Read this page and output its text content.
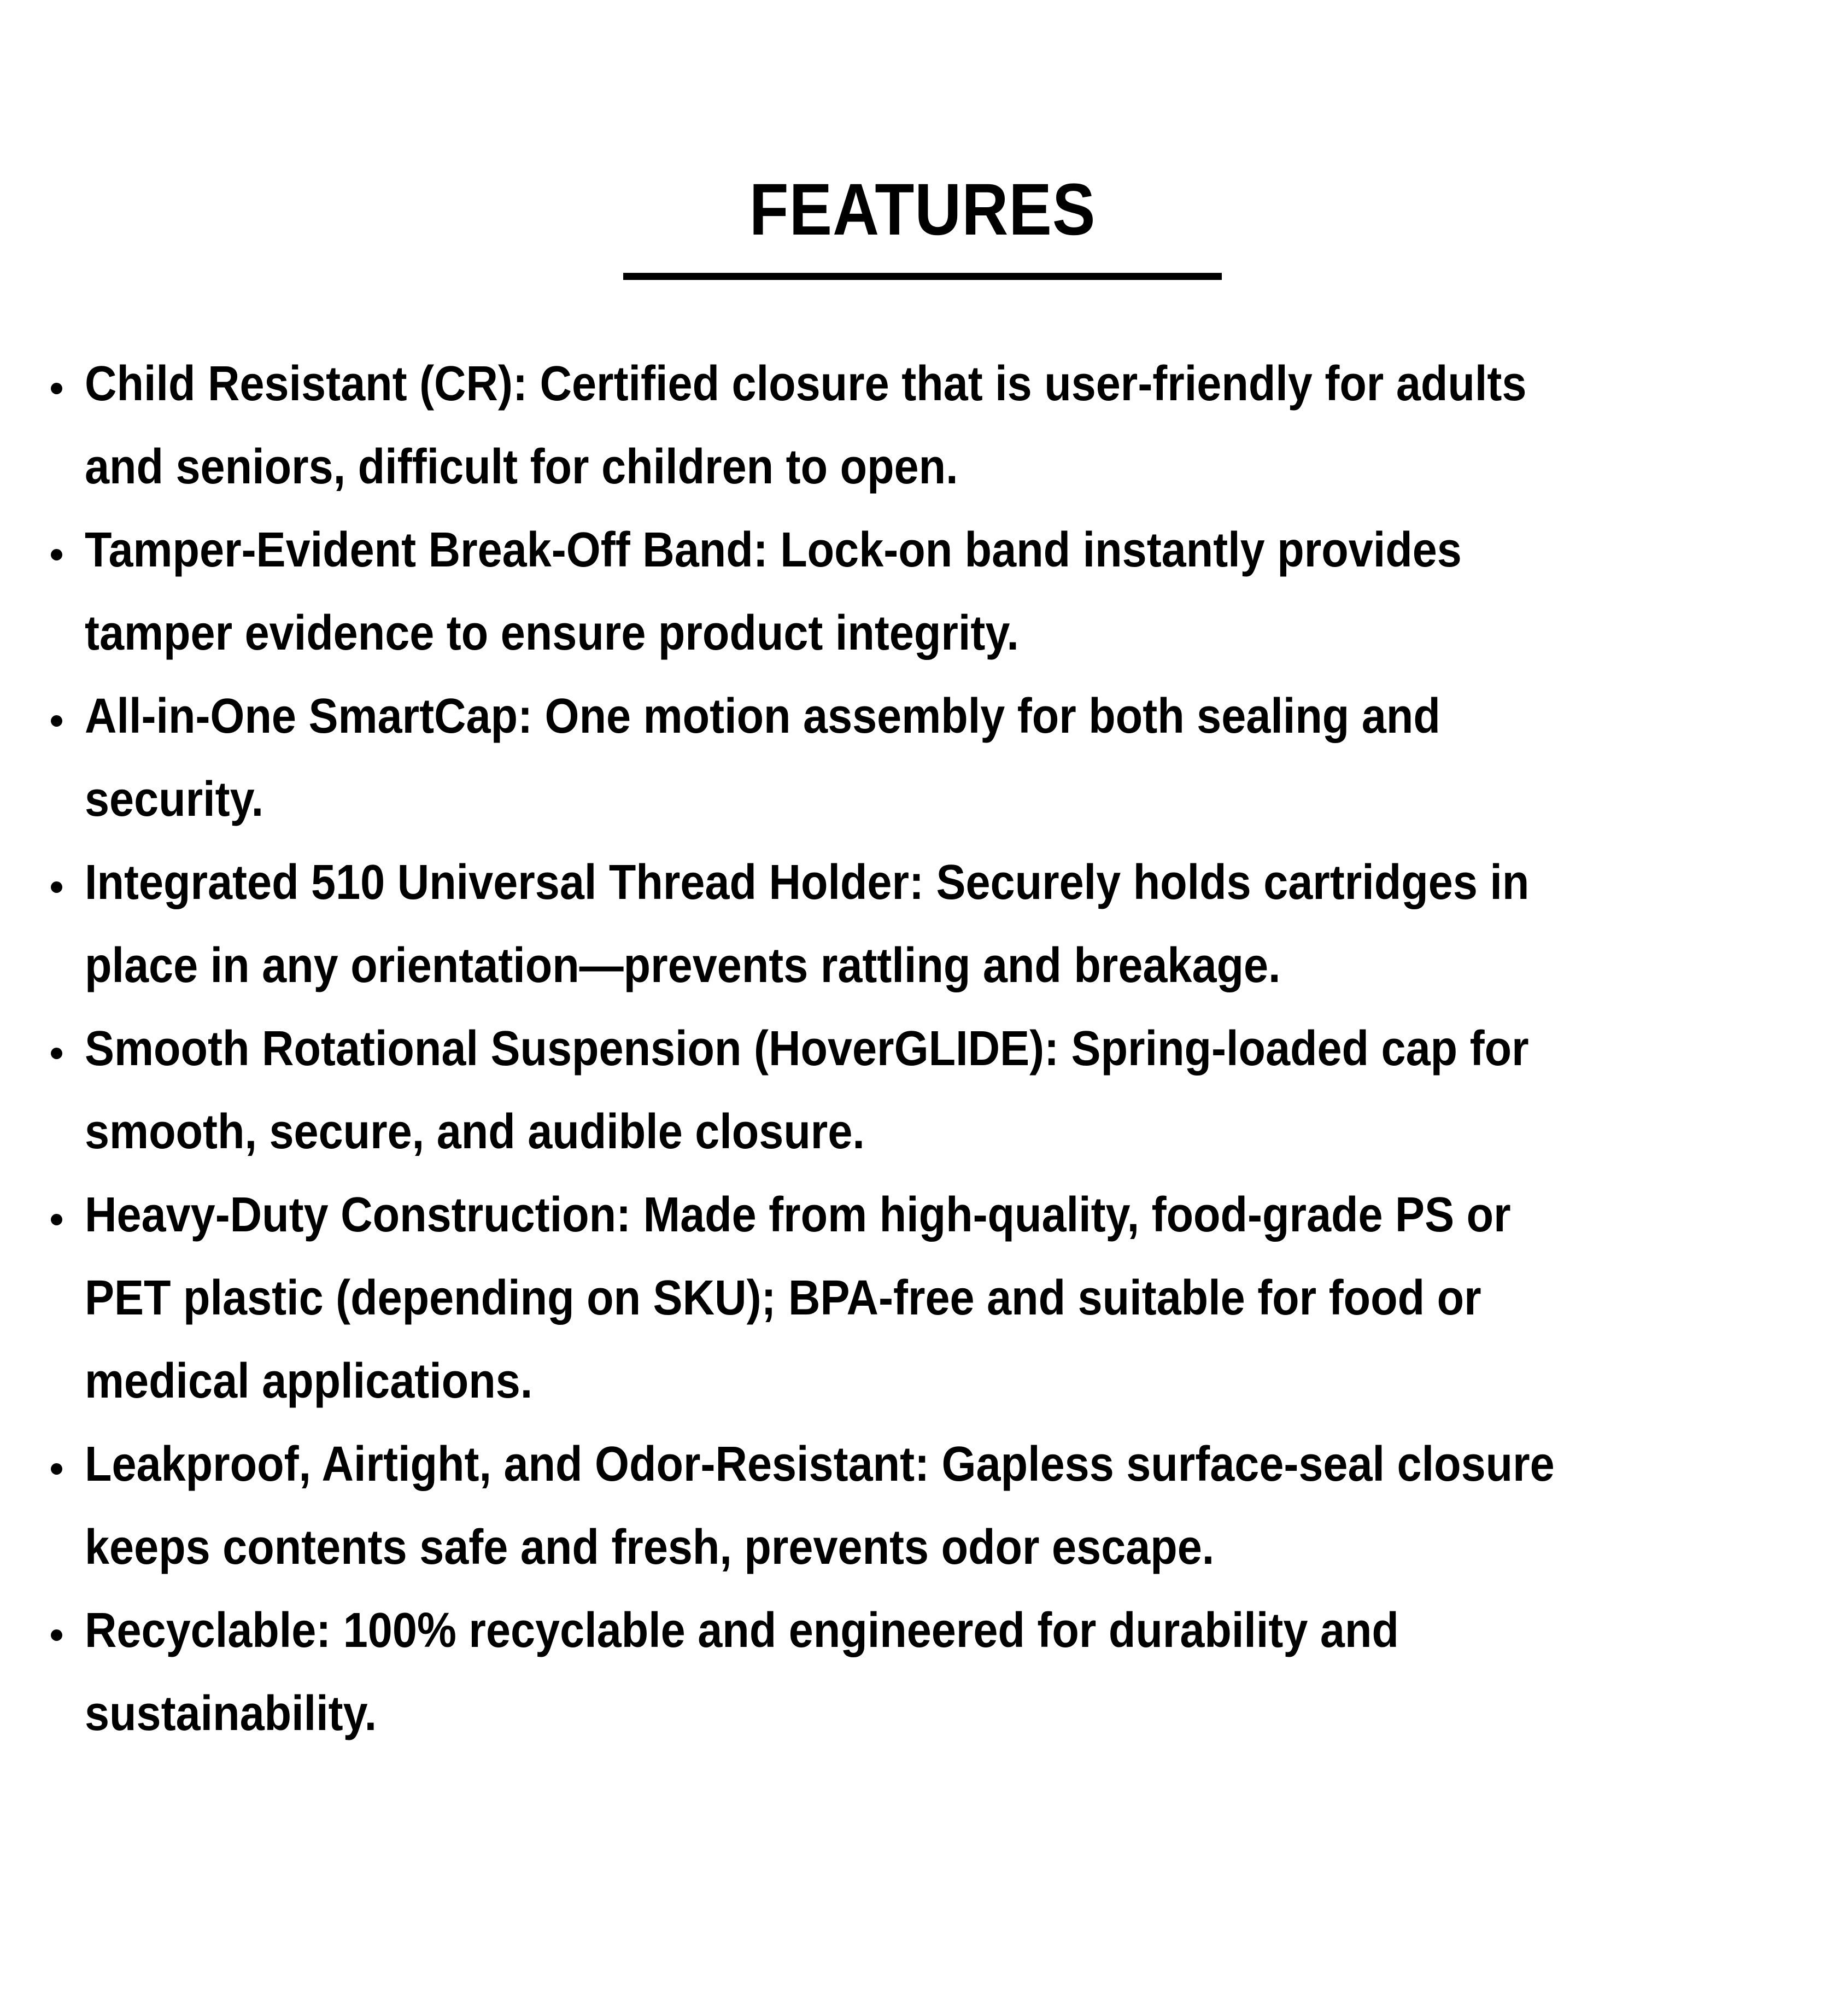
FEATURES
Child Resistant (CR): Certified closure that is user-friendly for adults
and seniors, difficult for children to open.
Tamper-Evident Break-Off Band: Lock-on band instantly provides
tamper evidence to ensure product integrity.
All-in-One SmartCap: One motion assembly for both sealing and
security.
Integrated 510 Universal Thread Holder: Securely holds cartridges in
place in any orientation—prevents rattling and breakage.
Smooth Rotational Suspension (HoverGLIDE): Spring-loaded cap for
smooth, secure, and audible closure.
Heavy-Duty Construction: Made from high-quality, food-grade PS or
PET plastic (depending on SKU); BPA-free and suitable for food or
medical applications.
Leakproof, Airtight, and Odor-Resistant: Gapless surface-seal closure
keeps contents safe and fresh, prevents odor escape.
Recyclable: 100% recyclable and engineered for durability and
sustainability.
